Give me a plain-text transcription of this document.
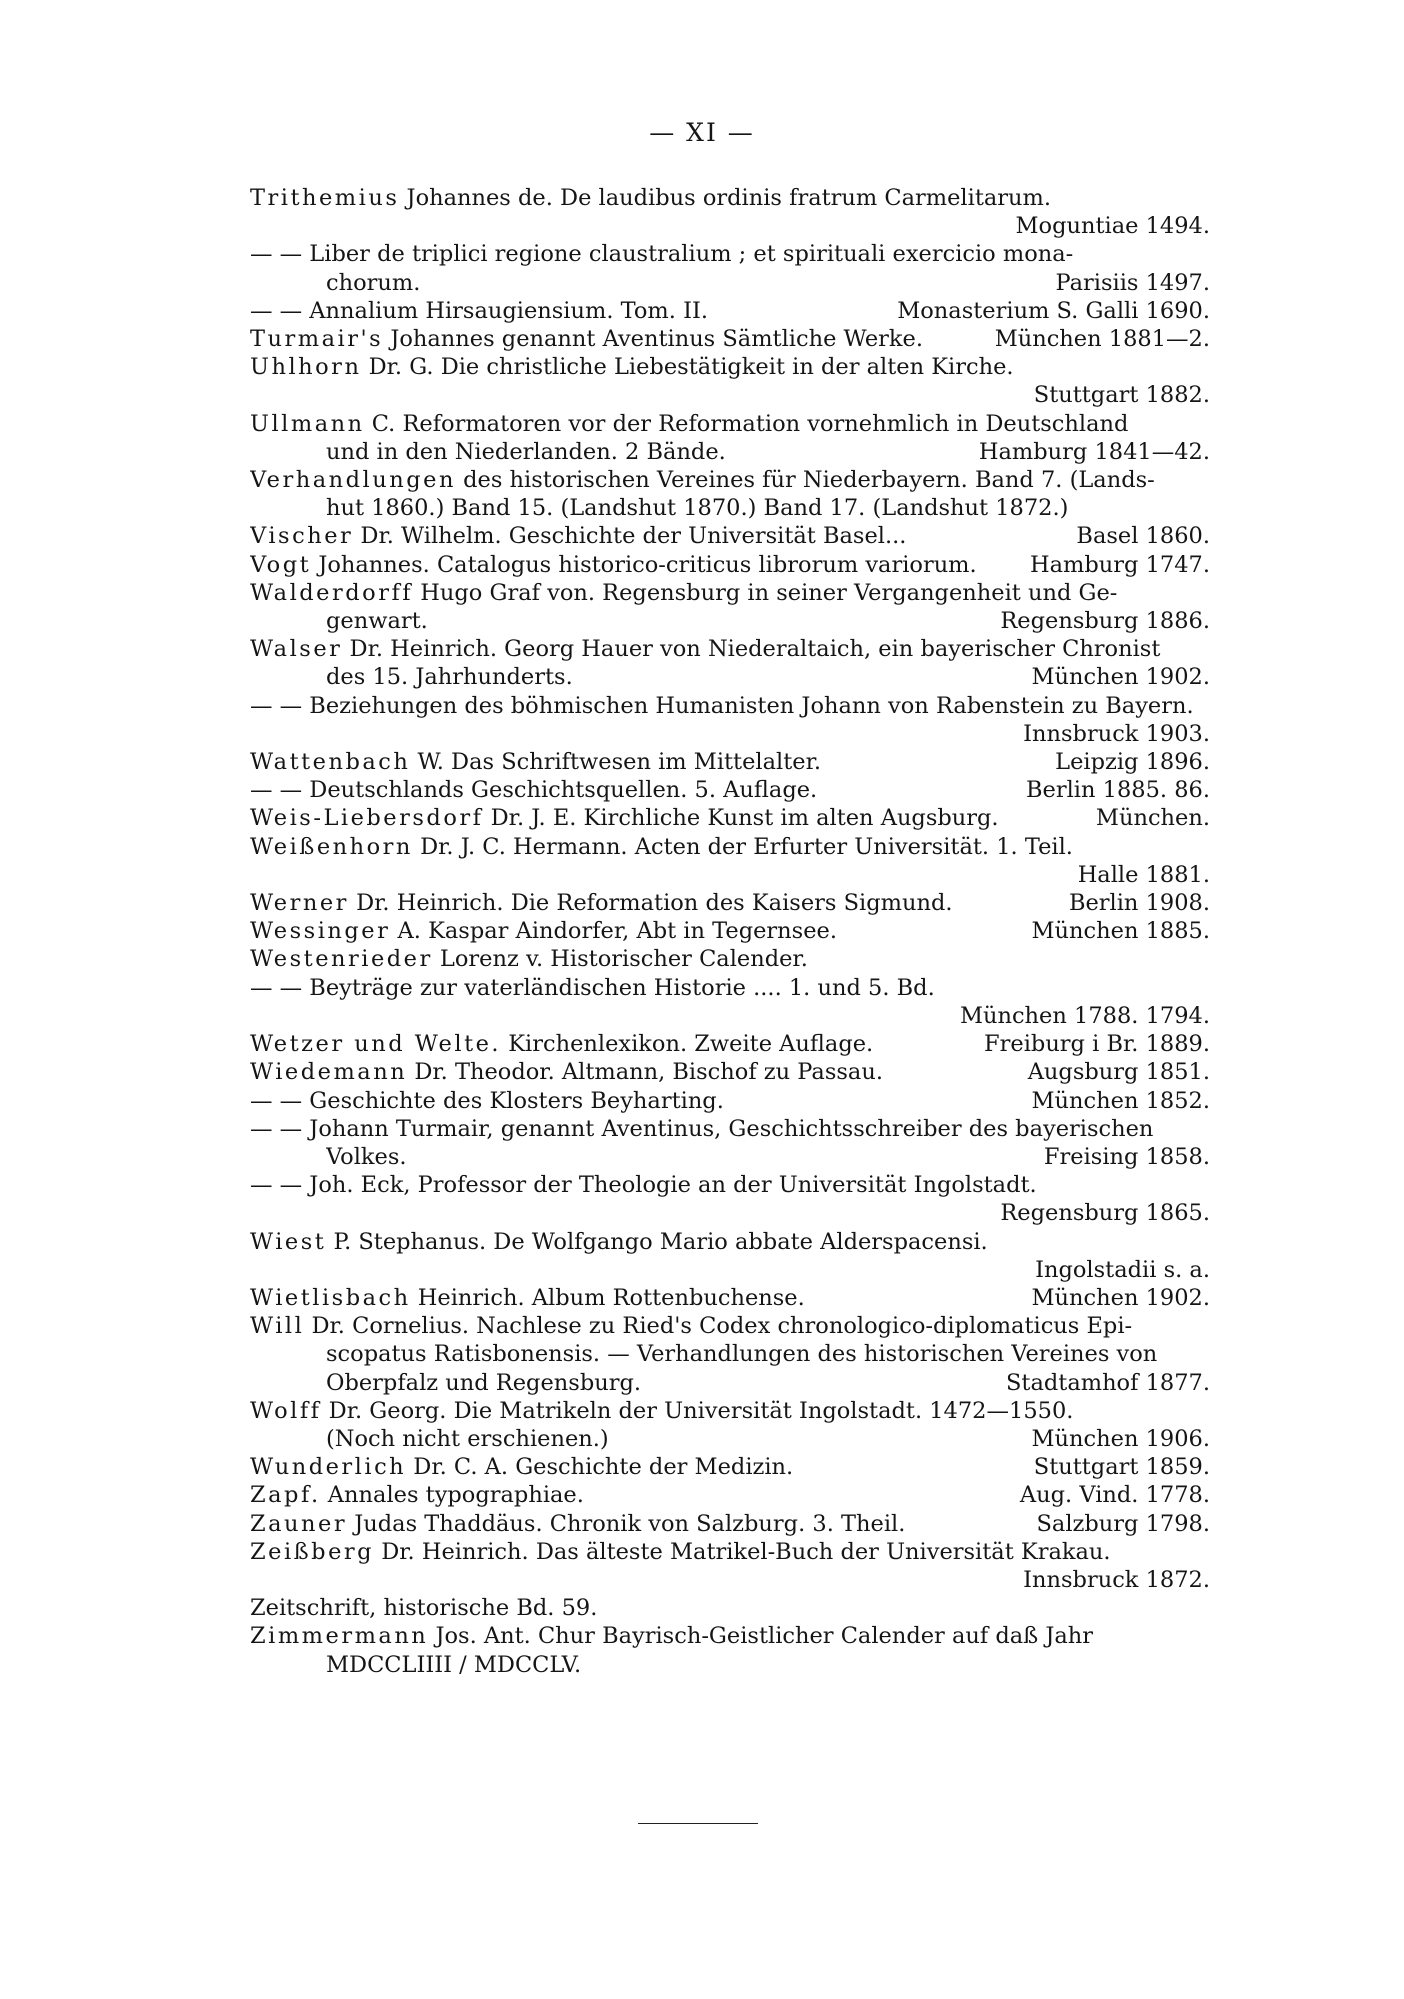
— XI —
Trithemius Johannes de. De laudibus ordinis fratrum Carmelitarum.
Moguntiae 1494.
— — Liber de triplici regione claustralium ; et spirituali exercicio mona-
chorum.	Parisiis 1497.
— — Annalium Hirsaugiensium. Tom. II.	Monasterium S. Galli 1690.
Turmair's Johannes genannt Aventinus Sämtliche Werke.	München 1881—2.
Uhlhorn Dr. G. Die christliche Liebestätigkeit in der alten Kirche.
Stuttgart 1882.
Ullmann C. Reformatoren vor der Reformation vornehmlich in Deutschland
und in den Niederlanden. 2 Bände.	Hamburg 1841—42.
Verhandlungen des historischen Vereines für Niederbayern. Band 7. (Lands-
hut 1860.) Band 15. (Landshut 1870.) Band 17. (Landshut 1872.)
Vischer Dr. Wilhelm. Geschichte der Universität Basel...	Basel 1860.
Vogt Johannes. Catalogus historico-criticus librorum variorum.	Hamburg 1747.
Walderdorff Hugo Graf von. Regensburg in seiner Vergangenheit und Ge-
genwart.	Regensburg 1886.
Walser Dr. Heinrich. Georg Hauer von Niederaltaich, ein bayerischer Chronist
des 15. Jahrhunderts.	München 1902.
— — Beziehungen des böhmischen Humanisten Johann von Rabenstein zu Bayern.
Innsbruck 1903.
Wattenbach W. Das Schriftwesen im Mittelalter.	Leipzig 1896.
— — Deutschlands Geschichtsquellen. 5. Auflage.	Berlin 1885. 86.
Weis-Liebersdorf Dr. J. E. Kirchliche Kunst im alten Augsburg.	München.
Weißenhorn Dr. J. C. Hermann. Acten der Erfurter Universität. 1. Teil.
Halle 1881.
Werner Dr. Heinrich. Die Reformation des Kaisers Sigmund.	Berlin 1908.
Wessinger A. Kaspar Aindorfer, Abt in Tegernsee.	München 1885.
Westenrieder Lorenz v. Historischer Calender.
— — Beyträge zur vaterländischen Historie .... 1. und 5. Bd.
München 1788. 1794.
Wetzer und Welte. Kirchenlexikon. Zweite Auflage.	Freiburg i Br. 1889.
Wiedemann Dr. Theodor. Altmann, Bischof zu Passau.	Augsburg 1851.
— — Geschichte des Klosters Beyharting.	München 1852.
— — Johann Turmair, genannt Aventinus, Geschichtsschreiber des bayerischen
Volkes.	Freising 1858.
— — Joh. Eck, Professor der Theologie an der Universität Ingolstadt.
Regensburg 1865.
Wiest P. Stephanus. De Wolfgango Mario abbate Alderspacensi.
Ingolstadii s. a.
Wietlisbach Heinrich. Album Rottenbuchense.	München 1902.
Will Dr. Cornelius. Nachlese zu Ried's Codex chronologico-diplomaticus Epi-
scopatus Ratisbonensis. — Verhandlungen des historischen Vereines von
Oberpfalz und Regensburg.	Stadtamhof 1877.
Wolff Dr. Georg. Die Matrikeln der Universität Ingolstadt. 1472—1550.
(Noch nicht erschienen.)	München 1906.
Wunderlich Dr. C. A. Geschichte der Medizin.	Stuttgart 1859.
Zapf. Annales typographiae.	Aug. Vind. 1778.
Zauner Judas Thaddäus. Chronik von Salzburg. 3. Theil.	Salzburg 1798.
Zeißberg Dr. Heinrich. Das älteste Matrikel-Buch der Universität Krakau.
Innsbruck 1872.
Zeitschrift, historische Bd. 59.
Zimmermann Jos. Ant. Chur Bayrisch-Geistlicher Calender auf daß Jahr
MDCCLIIII / MDCCLV.
